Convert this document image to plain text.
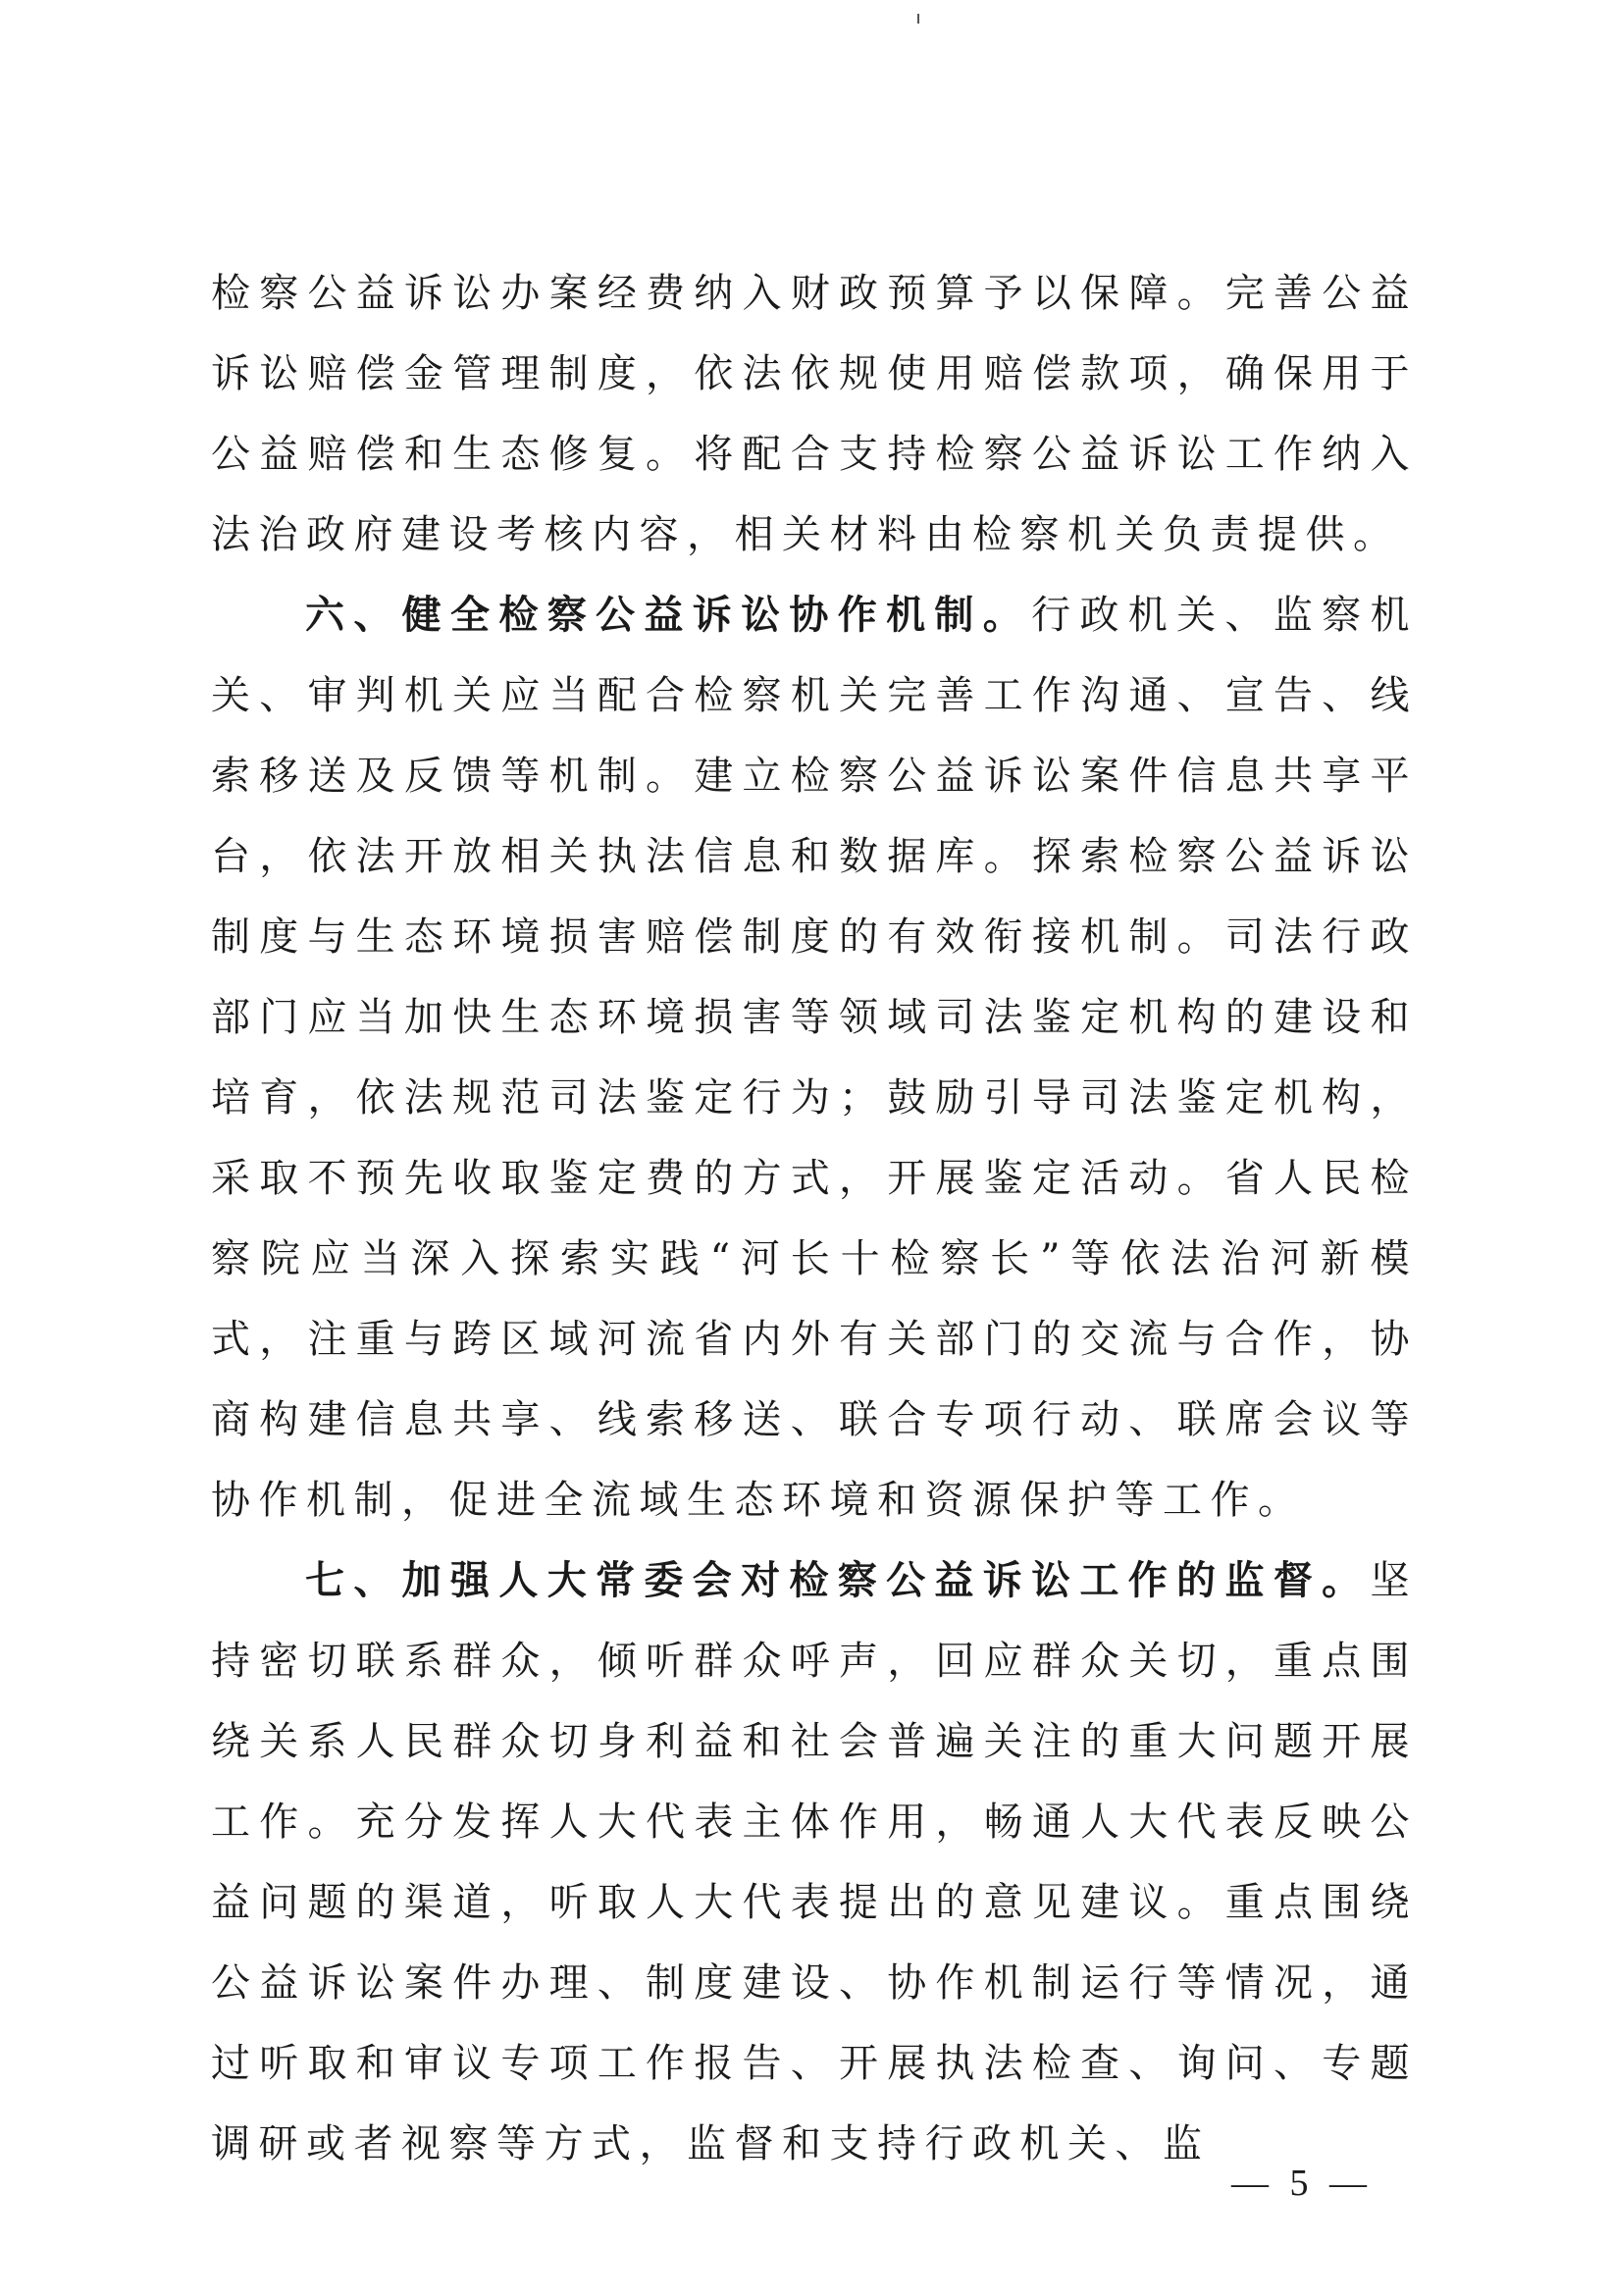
检察公益诉讼办案经费纳入财政预算予以保障。完善公益诉讼赔偿金管理制度，依法依规使用赔偿款项，确保用于公益赔偿和生态修复。将配合支持检察公益诉讼工作纳入法治政府建设考核内容，相关材料由检察机关负责提供。

六、健全检察公益诉讼协作机制。行政机关、监察机关、审判机关应当配合检察机关完善工作沟通、宣告、线索移送及反馈等机制。建立检察公益诉讼案件信息共享平台，依法开放相关执法信息和数据库。探索检察公益诉讼制度与生态环境损害赔偿制度的有效衔接机制。司法行政部门应当加快生态环境损害等领域司法鉴定机构的建设和培育，依法规范司法鉴定行为；鼓励引导司法鉴定机构，采取不预先收取鉴定费的方式，开展鉴定活动。省人民检察院应当深入探索实践“河长十检察长”等依法治河新模式，注重与跨区域河流省内外有关部门的交流与合作，协商构建信息共享、线索移送、联合专项行动、联席会议等协作机制，促进全流域生态环境和资源保护等工作。

七、加强人大常委会对检察公益诉讼工作的监督。坚持密切联系群众，倾听群众呼声，回应群众关切，重点围绕关系人民群众切身利益和社会普遍关注的重大问题开展工作。充分发挥人大代表主体作用，畅通人大代表反映公益问题的渠道，听取人大代表提出的意见建议。重点围绕公益诉讼案件办理、制度建设、协作机制运行等情况，通过听取和审议专项工作报告、开展执法检查、询问、专题调研或者视察等方式，监督和支持行政机关、监

— 5 —
